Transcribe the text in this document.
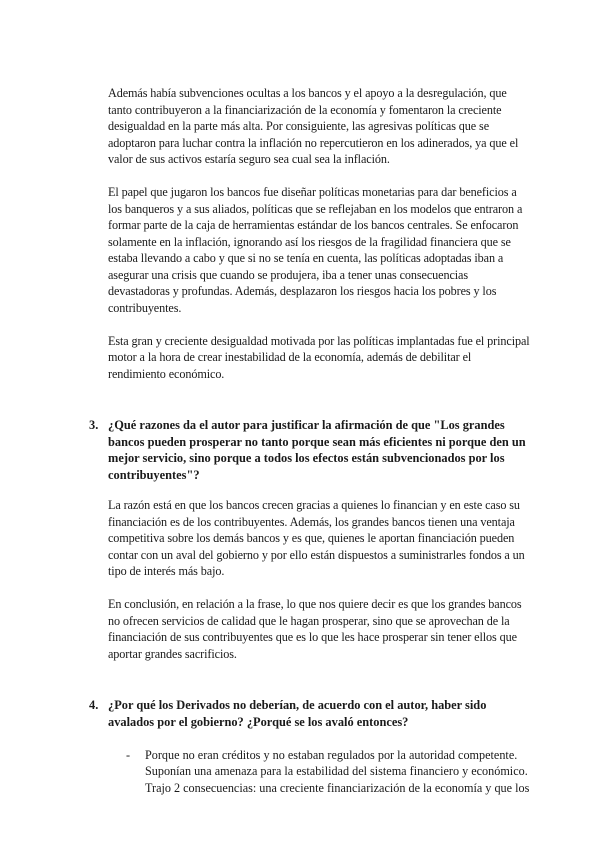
Además había subvenciones ocultas a los bancos y el apoyo a la desregulación, que tanto contribuyeron a la financiarización de la economía y fomentaron la creciente desigualdad en la parte más alta. Por consiguiente, las agresivas políticas que se adoptaron para luchar contra la inflación no repercutieron en los adinerados, ya que el valor de sus activos estaría seguro sea cual sea la inflación.

El papel que jugaron los bancos fue diseñar políticas monetarias para dar beneficios a los banqueros y a sus aliados, políticas que se reflejaban en los modelos que entraron a formar parte de la caja de herramientas estándar de los bancos centrales. Se enfocaron solamente en la inflación, ignorando así los riesgos de la fragilidad financiera que se estaba llevando a cabo y que si no se tenía en cuenta, las políticas adoptadas iban a asegurar una crisis que cuando se produjera, iba a tener unas consecuencias devastadoras y profundas. Además, desplazaron los riesgos hacia los pobres y los contribuyentes.

Esta gran y creciente desigualdad motivada por las políticas implantadas fue el principal motor a la hora de crear inestabilidad de la economía, además de debilitar el rendimiento económico.

3. ¿Qué razones da el autor para justificar la afirmación de que "Los grandes bancos pueden prosperar no tanto porque sean más eficientes ni porque den un mejor servicio, sino porque a todos los efectos están subvencionados por los contribuyentes"?

La razón está en que los bancos crecen gracias a quienes lo financian y en este caso su financiación es de los contribuyentes. Además, los grandes bancos tienen una ventaja competitiva sobre los demás bancos y es que, quienes le aportan financiación pueden contar con un aval del gobierno y por ello están dispuestos a suministrarles fondos a un tipo de interés más bajo.

En conclusión, en relación a la frase, lo que nos quiere decir es que los grandes bancos no ofrecen servicios de calidad que le hagan prosperar, sino que se aprovechan de la financiación de sus contribuyentes que es lo que les hace prosperar sin tener ellos que aportar grandes sacrificios.

4. ¿Por qué los Derivados no deberían, de acuerdo con el autor, haber sido avalados por el gobierno? ¿Porqué se los avaló entonces?
- Porque no eran créditos y no estaban regulados por la autoridad competente. Suponían una amenaza para la estabilidad del sistema financiero y económico. Trajo 2 consecuencias: una creciente financiarización de la economía y que los
